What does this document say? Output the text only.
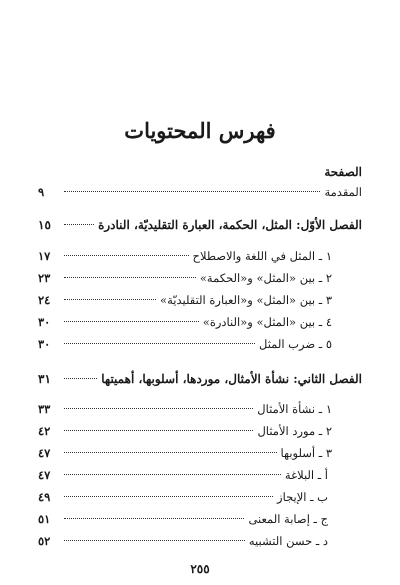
فهرس المحتويات
الصفحة
المقدمة
٩
الفصل الأوّل: المثل، الحكمة، العبارة التقليديّة، النادرة
١٥
١ ـ المثل في اللغة والاصطلاح
١٧
٢ ـ بين «المثل» و«الحكمة»
٢٣
٣ ـ بين «المثل» و«العبارة التقليديّة»
٢٤
٤ ـ بين «المثل» و«النادرة»
٣٠
٥ ـ ضرب المثل
٣٠
الفصل الثاني: نشأة الأمثال، موردها، أسلوبها، أهميتها
٣١
١ ـ نشأة الأمثال
٣٣
٢ ـ مورد الأمثال
٤٢
٣ ـ أسلوبها
٤٧
أ ـ البلاغة
٤٧
ب ـ الإيجاز
٤٩
ج ـ إصابة المعنى
٥١
د ـ حسن التشبيه
٥٢
٢٥٥
